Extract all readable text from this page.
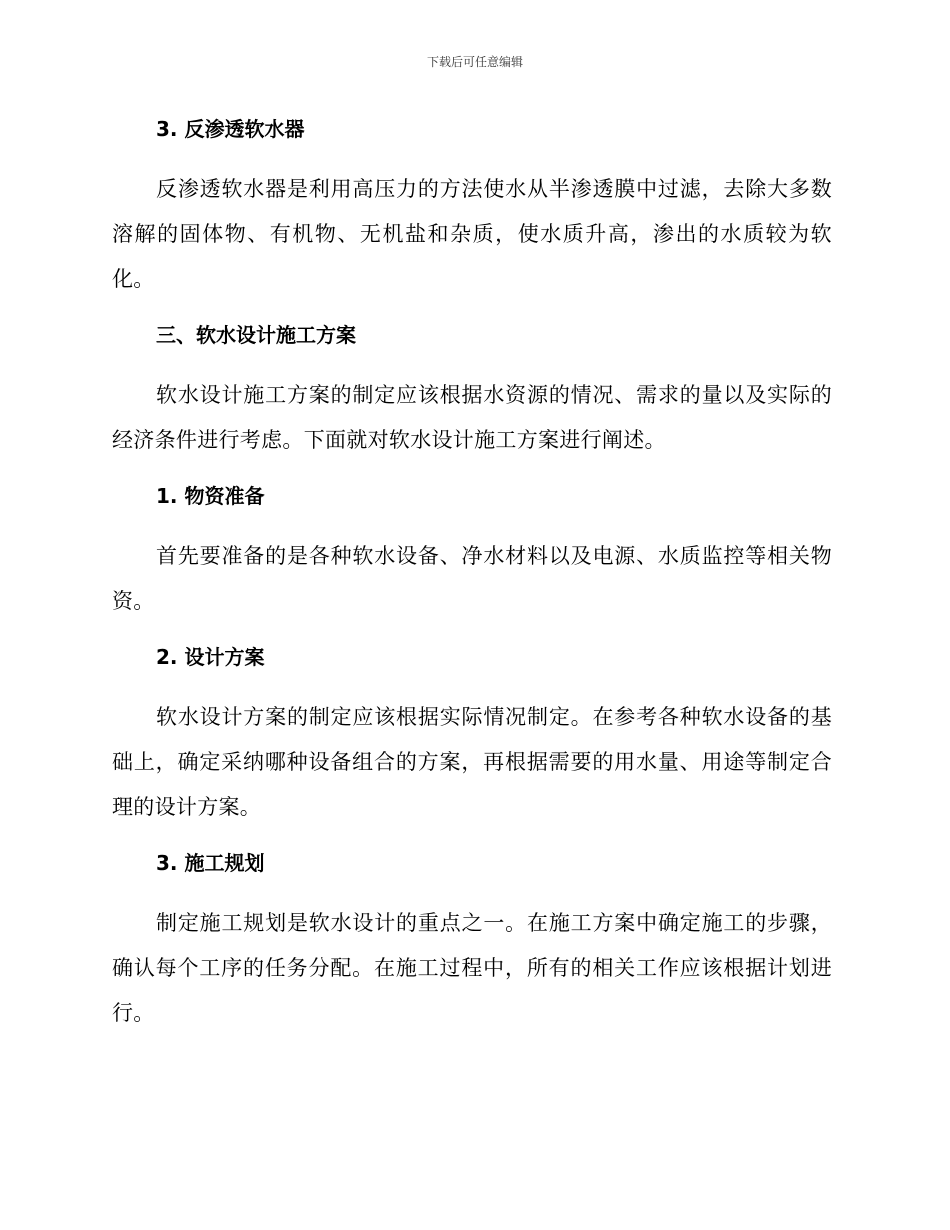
下载后可任意编辑
3. 反渗透软水器

反渗透软水器是利用高压力的方法使水从半渗透膜中过滤，去除大多数溶解的固体物、有机物、无机盐和杂质，使水质升高，渗出的水质较为软化。

三、软水设计施工方案

软水设计施工方案的制定应该根据水资源的情况、需求的量以及实际的经济条件进行考虑。下面就对软水设计施工方案进行阐述。

1. 物资准备

首先要准备的是各种软水设备、净水材料以及电源、水质监控等相关物资。

2. 设计方案

软水设计方案的制定应该根据实际情况制定。在参考各种软水设备的基础上，确定采纳哪种设备组合的方案，再根据需要的用水量、用途等制定合理的设计方案。

3. 施工规划

制定施工规划是软水设计的重点之一。在施工方案中确定施工的步骤，确认每个工序的任务分配。在施工过程中，所有的相关工作应该根据计划进行。
